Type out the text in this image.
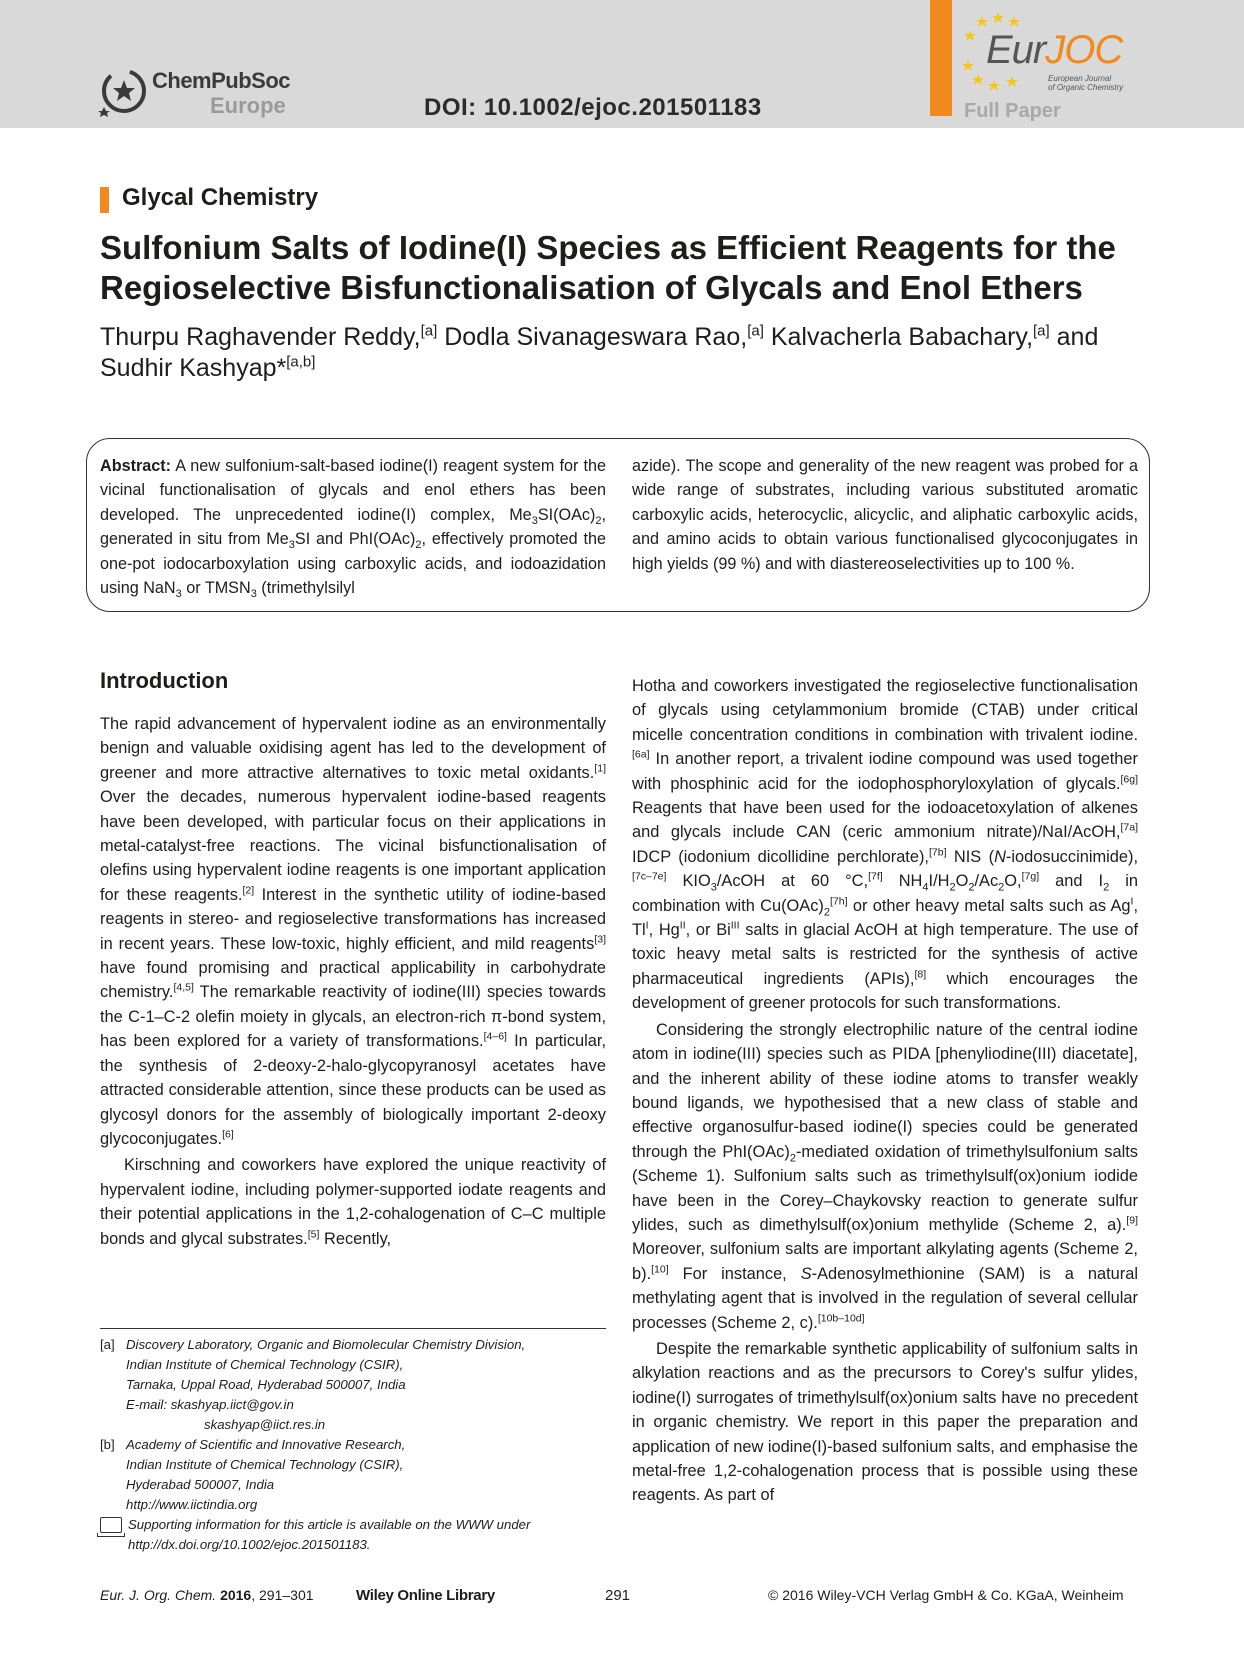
ChemPubSoc
Europe	DOI: 10.1002/ejoc.201501183
EurJOC
European Journal
of Organic Chemistry
Full Paper
Glycal Chemistry
Sulfonium Salts of Iodine(I) Species as Efficient Reagents for the Regioselective Bisfunctionalisation of Glycals and Enol Ethers
Thurpu Raghavender Reddy,[a] Dodla Sivanageswara Rao,[a] Kalvacherla Babachary,[a] and
Sudhir Kashyap*[a,b]
Abstract: A new sulfonium-salt-based iodine(I) reagent system for the vicinal functionalisation of glycals and enol ethers has been developed. The unprecedented iodine(I) complex, $Me_3SI(OAc)_2$, generated in situ from $Me_3SI$ and $PhI(OAc)_2$, effectively promoted the one-pot iodocarboxylation using carboxylic acids, and iodoazidation using NaN$_3$ or $TMSN_3$ (trimethylsilyl
azide). The scope and generality of the new reagent was probed for a wide range of substrates, including various substituted aromatic carboxylic acids, heterocyclic, alicyclic, and aliphatic carboxylic acids, and amino acids to obtain various functionalised glycoconjugates in high yields (99 %) and with diastereoselectivities up to 100 %.
Introduction

The rapid advancement of hypervalent iodine as an environmentally benign and valuable oxidising agent has led to the development of greener and more attractive alternatives to toxic metal oxidants.[1] Over the decades, numerous hypervalent iodine-based reagents have been developed, with particular focus on their applications in metal-catalyst-free reactions. The vicinal bisfunctionalisation of olefins using hypervalent iodine reagents is one important application for these reagents.[2] Interest in the synthetic utility of iodine-based reagents in stereo- and regioselective transformations has increased in recent years. These low-toxic, highly efficient, and mild reagents[3] have found promising and practical applicability in carbohydrate chemistry.[4,5] The remarkable reactivity of iodine(III) species towards the C-1–C-2 olefin moiety in glycals, an electron-rich π-bond system, has been explored for a variety of transformations.[4–6] In particular, the synthesis of 2-deoxy-2-halo-glycopyranosyl acetates have attracted considerable attention, since these products can be used as glycosyl donors for the assembly of biologically important 2-deoxy glycoconjugates.[6]

Kirschning and coworkers have explored the unique reactivity of hypervalent iodine, including polymer-supported iodate reagents and their potential applications in the 1,2-cohalogenation of C–C multiple bonds and glycal substrates.[5] Recently,

Hotha and coworkers investigated the regioselective functionalisation of glycals using cetylammonium bromide (CTAB) under critical micelle concentration conditions in combination with trivalent iodine.[6a] In another report, a trivalent iodine compound was used together with phosphinic acid for the iodophosphoryloxylation of glycals.[6g] Reagents that have been used for the iodoacetoxylation of alkenes and glycals include CAN (ceric ammonium nitrate)/NaI/AcOH,[7a] IDCP (iodonium dicollidine perchlorate),[7b] NIS (N-iodosuccinimide),[7c–7e] $KIO_3$/AcOH at 60 °C,[7f] $NH_4I/H_2O_2/Ac_2O,[7g]$ and $I_2$ in combination with $Cu(OAc)_2[7h]$ or other heavy metal salts such as $Ag^I$, $Tl^I$, $Hg^{II}$, or $Bi^{III}$ salts in glacial AcOH at high temperature. The use of toxic heavy metal salts is restricted for the synthesis of active pharmaceutical ingredients (APIs),[8] which encourages the development of greener protocols for such transformations.

Considering the strongly electrophilic nature of the central iodine atom in iodine(III) species such as PIDA [phenyliodine(III) diacetate], and the inherent ability of these iodine atoms to transfer weakly bound ligands, we hypothesised that a new class of stable and effective organosulfur-based iodine(I) species could be generated through the $PhI(OAc)_2$-mediated oxidation of trimethylsulfonium salts (Scheme 1). Sulfonium salts such as trimethylsulf(ox)onium iodide have been in the Corey–Chaykovsky reaction to generate sulfur ylides, such as dimethylsulf(ox)onium methylide (Scheme 2, a).[9] Moreover, sulfonium salts are important alkylating agents (Scheme 2, b).[10] For instance, S-Adenosylmethionine (SAM) is a natural methylating agent that is involved in the regulation of several cellular processes (Scheme 2, c).[10b–10d]

Despite the remarkable synthetic applicability of sulfonium salts in alkylation reactions and as the precursors to Corey's sulfur ylides, iodine(I) surrogates of trimethylsulf(ox)onium salts have no precedent in organic chemistry. We report in this paper the preparation and application of new iodine(I)-based sulfonium salts, and emphasise the metal-free 1,2-cohalogenation process that is possible using these reagents. As part of

[a] Discovery Laboratory, Organic and Biomolecular Chemistry Division,
Indian Institute of Chemical Technology (CSIR),
Tarnaka, Uppal Road, Hyderabad 500007, India
E-mail: skashyap.iict@gov.in
skashyap@iict.res.in
[b] Academy of Scientific and Innovative Research,
Indian Institute of Chemical Technology (CSIR),
Hyderabad 500007, India
http://www.iictindia.org
Supporting information for this article is available on the WWW under
http://dx.doi.org/10.1002/ejoc.201501183.
Eur. J. Org. Chem. 2016, 291–301	Wiley Online Library	291	© 2016 Wiley-VCH Verlag GmbH & Co. KGaA, Weinheim
